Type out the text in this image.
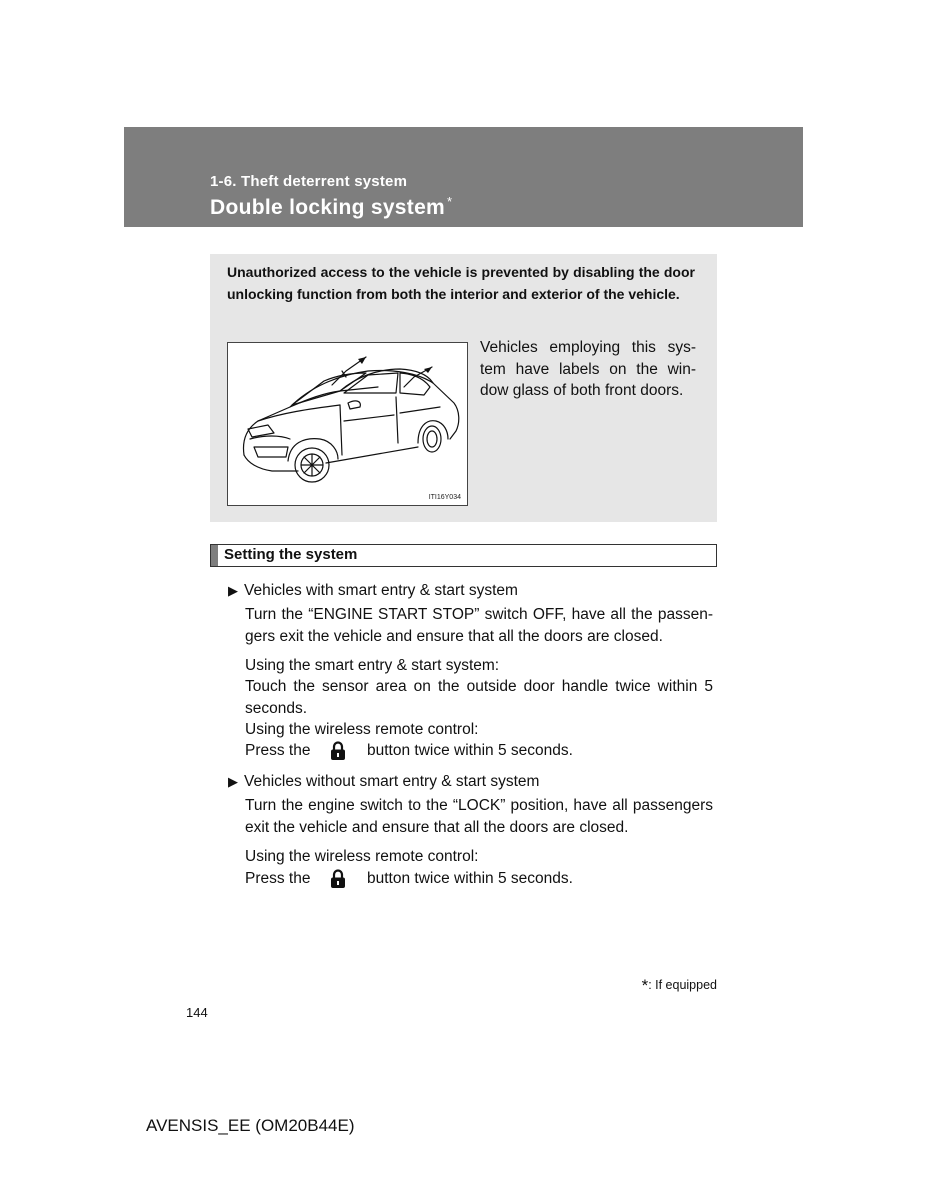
1-6. Theft deterrent system
Double locking system *
Unauthorized access to the vehicle is prevented by disabling the door unlocking function from both the interior and exterior of the vehicle.
ITI16Y034
Vehicles employing this sys-tem have labels on the win-dow glass of both front doors.
Setting the system
▶ Vehicles with smart entry & start system
Turn the “ENGINE START STOP” switch OFF, have all the passen-gers exit the vehicle and ensure that all the doors are closed.
Using the smart entry & start system:
Touch the sensor area on the outside door handle twice within 5 seconds.
Using the wireless remote control:
Press the	button twice within 5 seconds.
▶ Vehicles without smart entry & start system
Turn the engine switch to the “LOCK” position, have all passengers exit the vehicle and ensure that all the doors are closed.
Using the wireless remote control:
Press the	button twice within 5 seconds.
*: If equipped
144
AVENSIS_EE (OM20B44E)
